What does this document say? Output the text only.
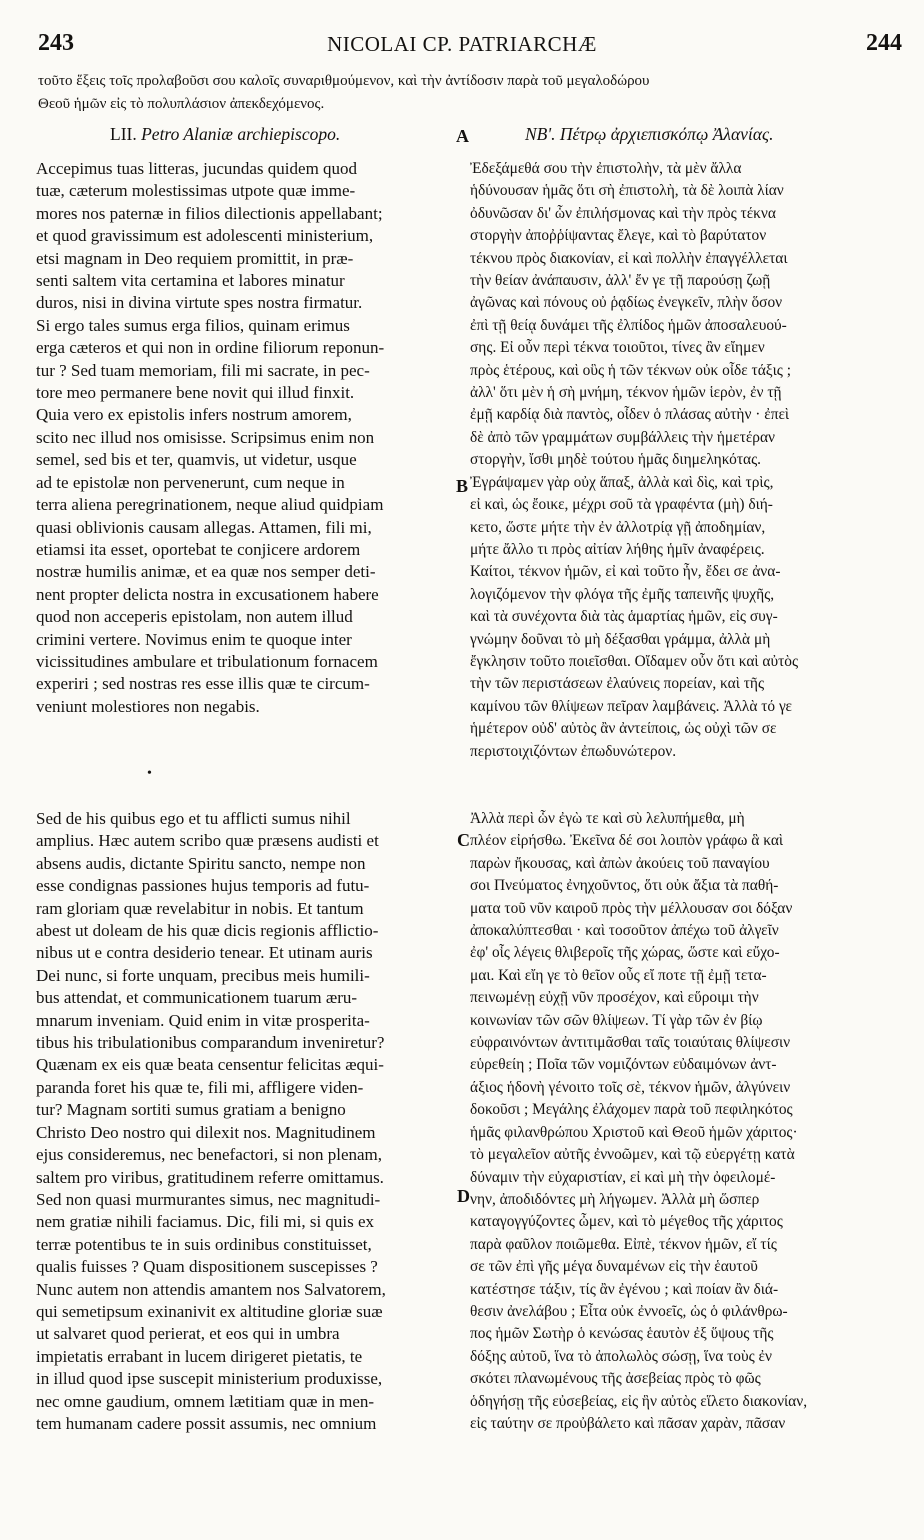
243	NICOLAI CP. PATRIARCHÆ	244
τοῦτο ἕξεις τοῖς προλαβοῦσι σου καλοῖς συναριθμούμενον, καὶ τὴν ἀντίδοσιν παρὰ τοῦ μεγαλοδώρου
Θεοῦ ἡμῶν εἰς τὸ πολυπλάσιον ἀπεκδεχόμενος.
LII. Petro Alaniæ archiepiscopo.	ΝΒ'. Πέτρῳ ἀρχιεπισκόπῳ Ἀλανίας.
A
B
C
D
Accepimus tuas litteras, jucundas quidem quod
tuæ, cæterum molestissimas utpote quæ imme-
mores nos paternæ in filios dilectionis appellabant;
et quod gravissimum est adolescenti ministerium,
etsi magnam in Deo requiem promittit, in præ-
senti saltem vita certamina et labores minatur
duros, nisi in divina virtute spes nostra firmatur.
Si ergo tales sumus erga filios, quinam erimus
erga cæteros et qui non in ordine filiorum reponun-
tur ? Sed tuam memoriam, fili mi sacrate, in pec-
tore meo permanere bene novit qui illud finxit.
Quia vero ex epistolis infers nostrum amorem,
scito nec illud nos omisisse. Scripsimus enim non
semel, sed bis et ter, quamvis, ut videtur, usque
ad te epistolæ non pervenerunt, cum neque in
terra aliena peregrinationem, neque aliud quidpiam
quasi oblivionis causam allegas. Attamen, fili mi,
etiamsi ita esset, oportebat te conjicere ardorem
nostræ humilis animæ, et ea quæ nos semper deti-
nent propter delicta nostra in excusationem habere
quod non acceperis epistolam, non autem illud
crimini vertere. Novimus enim te quoque inter
vicissitudines ambulare et tribulationum fornacem
experiri ; sed nostras res esse illis quæ te circum-
veniunt molestiores non negabis.
•
Sed de his quibus ego et tu afflicti sumus nihil
amplius. Hæc autem scribo quæ præsens audisti et
absens audis, dictante Spiritu sancto, nempe non
esse condignas passiones hujus temporis ad futu-
ram gloriam quæ revelabitur in nobis. Et tantum
abest ut doleam de his quæ dicis regionis afflictio-
nibus ut e contra desiderio tenear. Et utinam auris
Dei nunc, si forte unquam, precibus meis humili-
bus attendat, et communicationem tuarum æru-
mnarum inveniam. Quid enim in vitæ prosperita-
tibus his tribulationibus comparandum inveniretur?
Quænam ex eis quæ beata censentur felicitas æqui-
paranda foret his quæ te, fili mi, affligere viden-
tur? Magnam sortiti sumus gratiam a benigno
Christo Deo nostro qui dilexit nos. Magnitudinem
ejus consideremus, nec benefactori, si non plenam,
saltem pro viribus, gratitudinem referre omittamus.
Sed non quasi murmurantes simus, nec magnitudi-
nem gratiæ nihili faciamus. Dic, fili mi, si quis ex
terræ potentibus te in suis ordinibus constituisset,
qualis fuisses ? Quam dispositionem suscepisses ?
Nunc autem non attendis amantem nos Salvatorem,
qui semetipsum exinanivit ex altitudine gloriæ suæ
ut salvaret quod perierat, et eos qui in umbra
impietatis errabant in lucem dirigeret pietatis, te
in illud quod ipse suscepit ministerium produxisse,
nec omne gaudium, omnem lætitiam quæ in men-
tem humanam cadere possit assumis, nec omnium
Ἐδεξάμεθά σου τὴν ἐπιστολὴν, τὰ μὲν ἄλλα
ἡδύνουσαν ἡμᾶς ὅτι σὴ ἐπιστολὴ, τὰ δὲ λοιπὰ λίαν
ὀδυνῶσαν δι' ὧν ἐπιλήσμονας καὶ τὴν πρὸς τέκνα
στοργὴν ἀποῤῥίψαντας ἔλεγε, καὶ τὸ βαρύτατον
τέκνου πρὸς διακονίαν, εἰ καὶ πολλὴν ἐπαγγέλλεται
τὴν θείαν ἀνάπαυσιν, ἀλλ' ἔν γε τῇ παρούσῃ ζωῇ
ἀγῶνας καὶ πόνους οὐ ῥᾳδίως ἐνεγκεῖν, πλὴν ὅσον
ἐπὶ τῇ θείᾳ δυνάμει τῆς ἐλπίδος ἡμῶν ἀποσαλευού-
σης. Εἰ οὖν περὶ τέκνα τοιοῦτοι, τίνες ἂν εἴημεν
πρὸς ἑτέρους, καὶ οὓς ἡ τῶν τέκνων οὐκ οἶδε τάξις ;
ἀλλ' ὅτι μὲν ἡ σὴ μνήμη, τέκνον ἡμῶν ἱερὸν, ἐν τῇ
ἐμῇ καρδίᾳ διὰ παντὸς, οἶδεν ὁ πλάσας αὐτὴν · ἐπεὶ
δὲ ἀπὸ τῶν γραμμάτων συμβάλλεις τὴν ἡμετέραν
στοργὴν, ἴσθι μηδὲ τούτου ἡμᾶς διημεληκότας.
Ἐγράψαμεν γὰρ οὐχ ἅπαξ, ἀλλὰ καὶ δὶς, καὶ τρὶς,
εἰ καὶ, ὡς ἔοικε, μέχρι σοῦ τὰ γραφέντα (μὴ) διή-
κετο, ὥστε μήτε τὴν ἐν ἀλλοτρίᾳ γῇ ἀποδημίαν,
μήτε ἄλλο τι πρὸς αἰτίαν λήθης ἡμῖν ἀναφέρεις.
Καίτοι, τέκνον ἡμῶν, εἰ καὶ τοῦτο ἦν, ἔδει σε ἀνα-
λογιζόμενον τὴν φλόγα τῆς ἐμῆς ταπεινῆς ψυχῆς,
καὶ τὰ συνέχοντα διὰ τὰς ἁμαρτίας ἡμῶν, εἰς συγ-
γνώμην δοῦναι τὸ μὴ δέξασθαι γράμμα, ἀλλὰ μὴ
ἔγκλησιν τοῦτο ποιεῖσθαι. Οἴδαμεν οὖν ὅτι καὶ αὐτὸς
τὴν τῶν περιστάσεων ἐλαύνεις πορείαν, καὶ τῆς
καμίνου τῶν θλίψεων πεῖραν λαμβάνεις. Ἀλλὰ τό γε
ἡμέτερον οὐδ' αὐτὸς ἂν ἀντείποις, ὡς οὐχὶ τῶν σε
περιστοιχιζόντων ἐπωδυνώτερον.
Ἀλλὰ περὶ ὧν ἐγὼ τε καὶ σὺ λελυπήμεθα, μὴ
πλέον εἰρήσθω. Ἐκεῖνα δέ σοι λοιπὸν γράφω ἃ καὶ
παρὼν ἤκουσας, καὶ ἀπὼν ἀκούεις τοῦ παναγίου
σοι Πνεύματος ἐνηχοῦντος, ὅτι οὐκ ἄξια τὰ παθή-
ματα τοῦ νῦν καιροῦ πρὸς τὴν μέλλουσαν σοι δόξαν
ἀποκαλύπτεσθαι · καὶ τοσοῦτον ἀπέχω τοῦ ἀλγεῖν
ἐφ' οἷς λέγεις θλιβεροῖς τῆς χώρας, ὥστε καὶ εὔχο-
μαι. Καὶ εἴη γε τὸ θεῖον οὖς εἴ ποτε τῇ ἐμῇ τετα-
πεινωμένῃ εὐχῇ νῦν προσέχον, καὶ εὕροιμι τὴν
κοινωνίαν τῶν σῶν θλίψεων. Τί γὰρ τῶν ἐν βίῳ
εὐφραινόντων ἀντιτιμᾶσθαι ταῖς τοιαύταις θλίψεσιν
εὑρεθείη ; Ποῖα τῶν νομιζόντων εὐδαιμόνων ἀντ-
άξιος ἡδονὴ γένοιτο τοῖς σὲ, τέκνον ἡμῶν, ἀλγύνειν
δοκοῦσι ; Μεγάλης ἐλάχομεν παρὰ τοῦ πεφιληκότος
ἡμᾶς φιλανθρώπου Χριστοῦ καὶ Θεοῦ ἡμῶν χάριτος·
τὸ μεγαλεῖον αὐτῆς ἐννοῶμεν, καὶ τῷ εὐεργέτῃ κατὰ
δύναμιν τὴν εὐχαριστίαν, εἰ καὶ μὴ τὴν ὀφειλομέ-
νην, ἀποδιδόντες μὴ λήγωμεν. Ἀλλὰ μὴ ὥσπερ
καταγογγύζοντες ὦμεν, καὶ τὸ μέγεθος τῆς χάριτος
παρὰ φαῦλον ποιῶμεθα. Εἰπὲ, τέκνον ἡμῶν, εἴ τίς
σε τῶν ἐπὶ γῆς μέγα δυναμένων εἰς τὴν ἑαυτοῦ
κατέστησε τάξιν, τίς ἂν ἐγένου ; καὶ ποίαν ἂν διά-
θεσιν ἀνελάβου ; Εἶτα οὐκ ἐννοεῖς, ὡς ὁ φιλάνθρω-
πος ἡμῶν Σωτὴρ ὁ κενώσας ἑαυτὸν ἐξ ὕψους τῆς
δόξης αὐτοῦ, ἵνα τὸ ἀπολωλὸς σώσῃ, ἵνα τοὺς ἐν
σκότει πλανωμένους τῆς ἀσεβείας πρὸς τὸ φῶς
ὁδηγήσῃ τῆς εὐσεβείας, εἰς ἣν αὐτὸς εἵλετο διακονίαν,
εἰς ταύτην σε προὐβάλετο καὶ πᾶσαν χαρὰν, πᾶσαν
